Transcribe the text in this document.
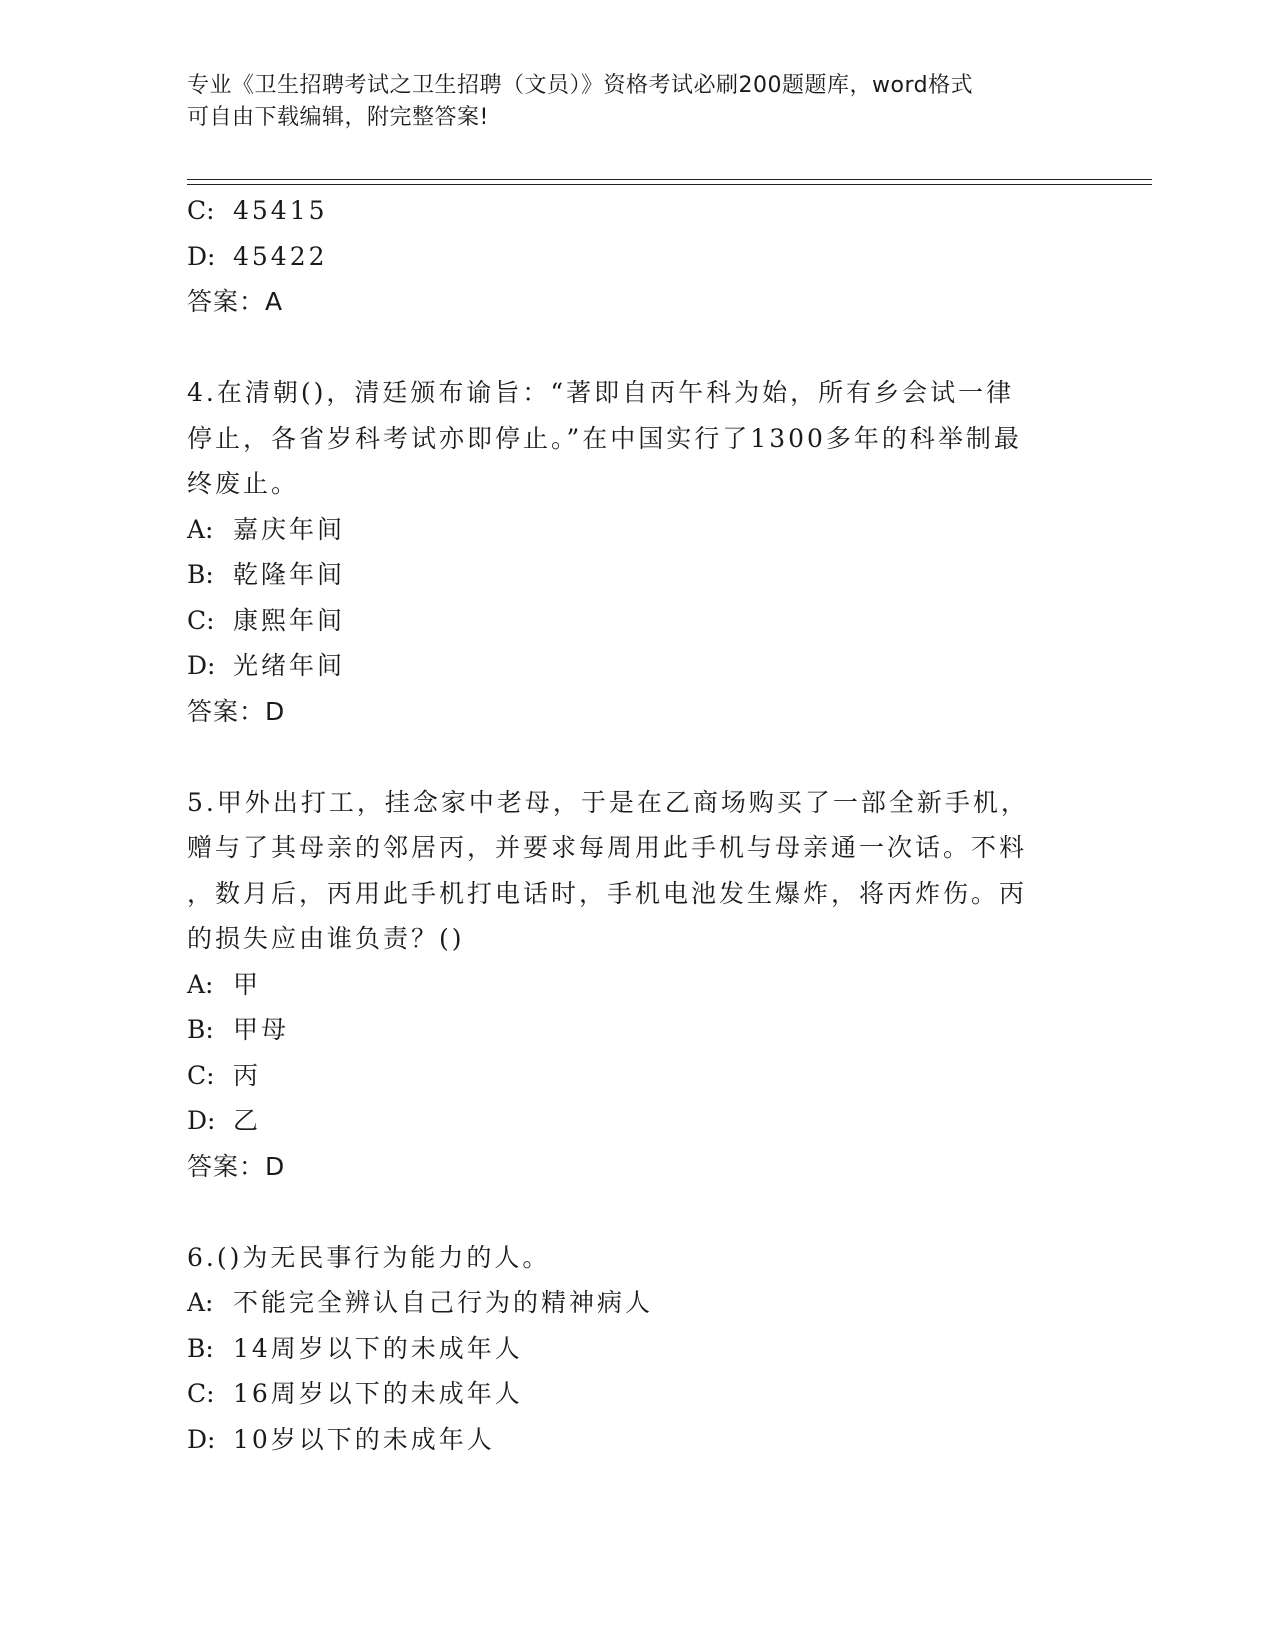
专业《卫生招聘考试之卫生招聘（文员）》资格考试必刷200题题库，word格式
可自由下载编辑，附完整答案!
C: 45415
D: 45422
答案：A
4.在清朝()，清廷颁布谕旨：“著即自丙午科为始，所有乡会试一律
停止，各省岁科考试亦即停止。”在中国实行了1300多年的科举制最
终废止。
A: 嘉庆年间
B: 乾隆年间
C: 康熙年间
D: 光绪年间
答案：D
5.甲外出打工，挂念家中老母，于是在乙商场购买了一部全新手机，
赠与了其母亲的邻居丙，并要求每周用此手机与母亲通一次话。不料
，数月后，丙用此手机打电话时，手机电池发生爆炸，将丙炸伤。丙
的损失应由谁负责？()
A: 甲
B: 甲母
C: 丙
D: 乙
答案：D
6.()为无民事行为能力的人。
A: 不能完全辨认自己行为的精神病人
B: 14周岁以下的未成年人
C: 16周岁以下的未成年人
D: 10岁以下的未成年人
